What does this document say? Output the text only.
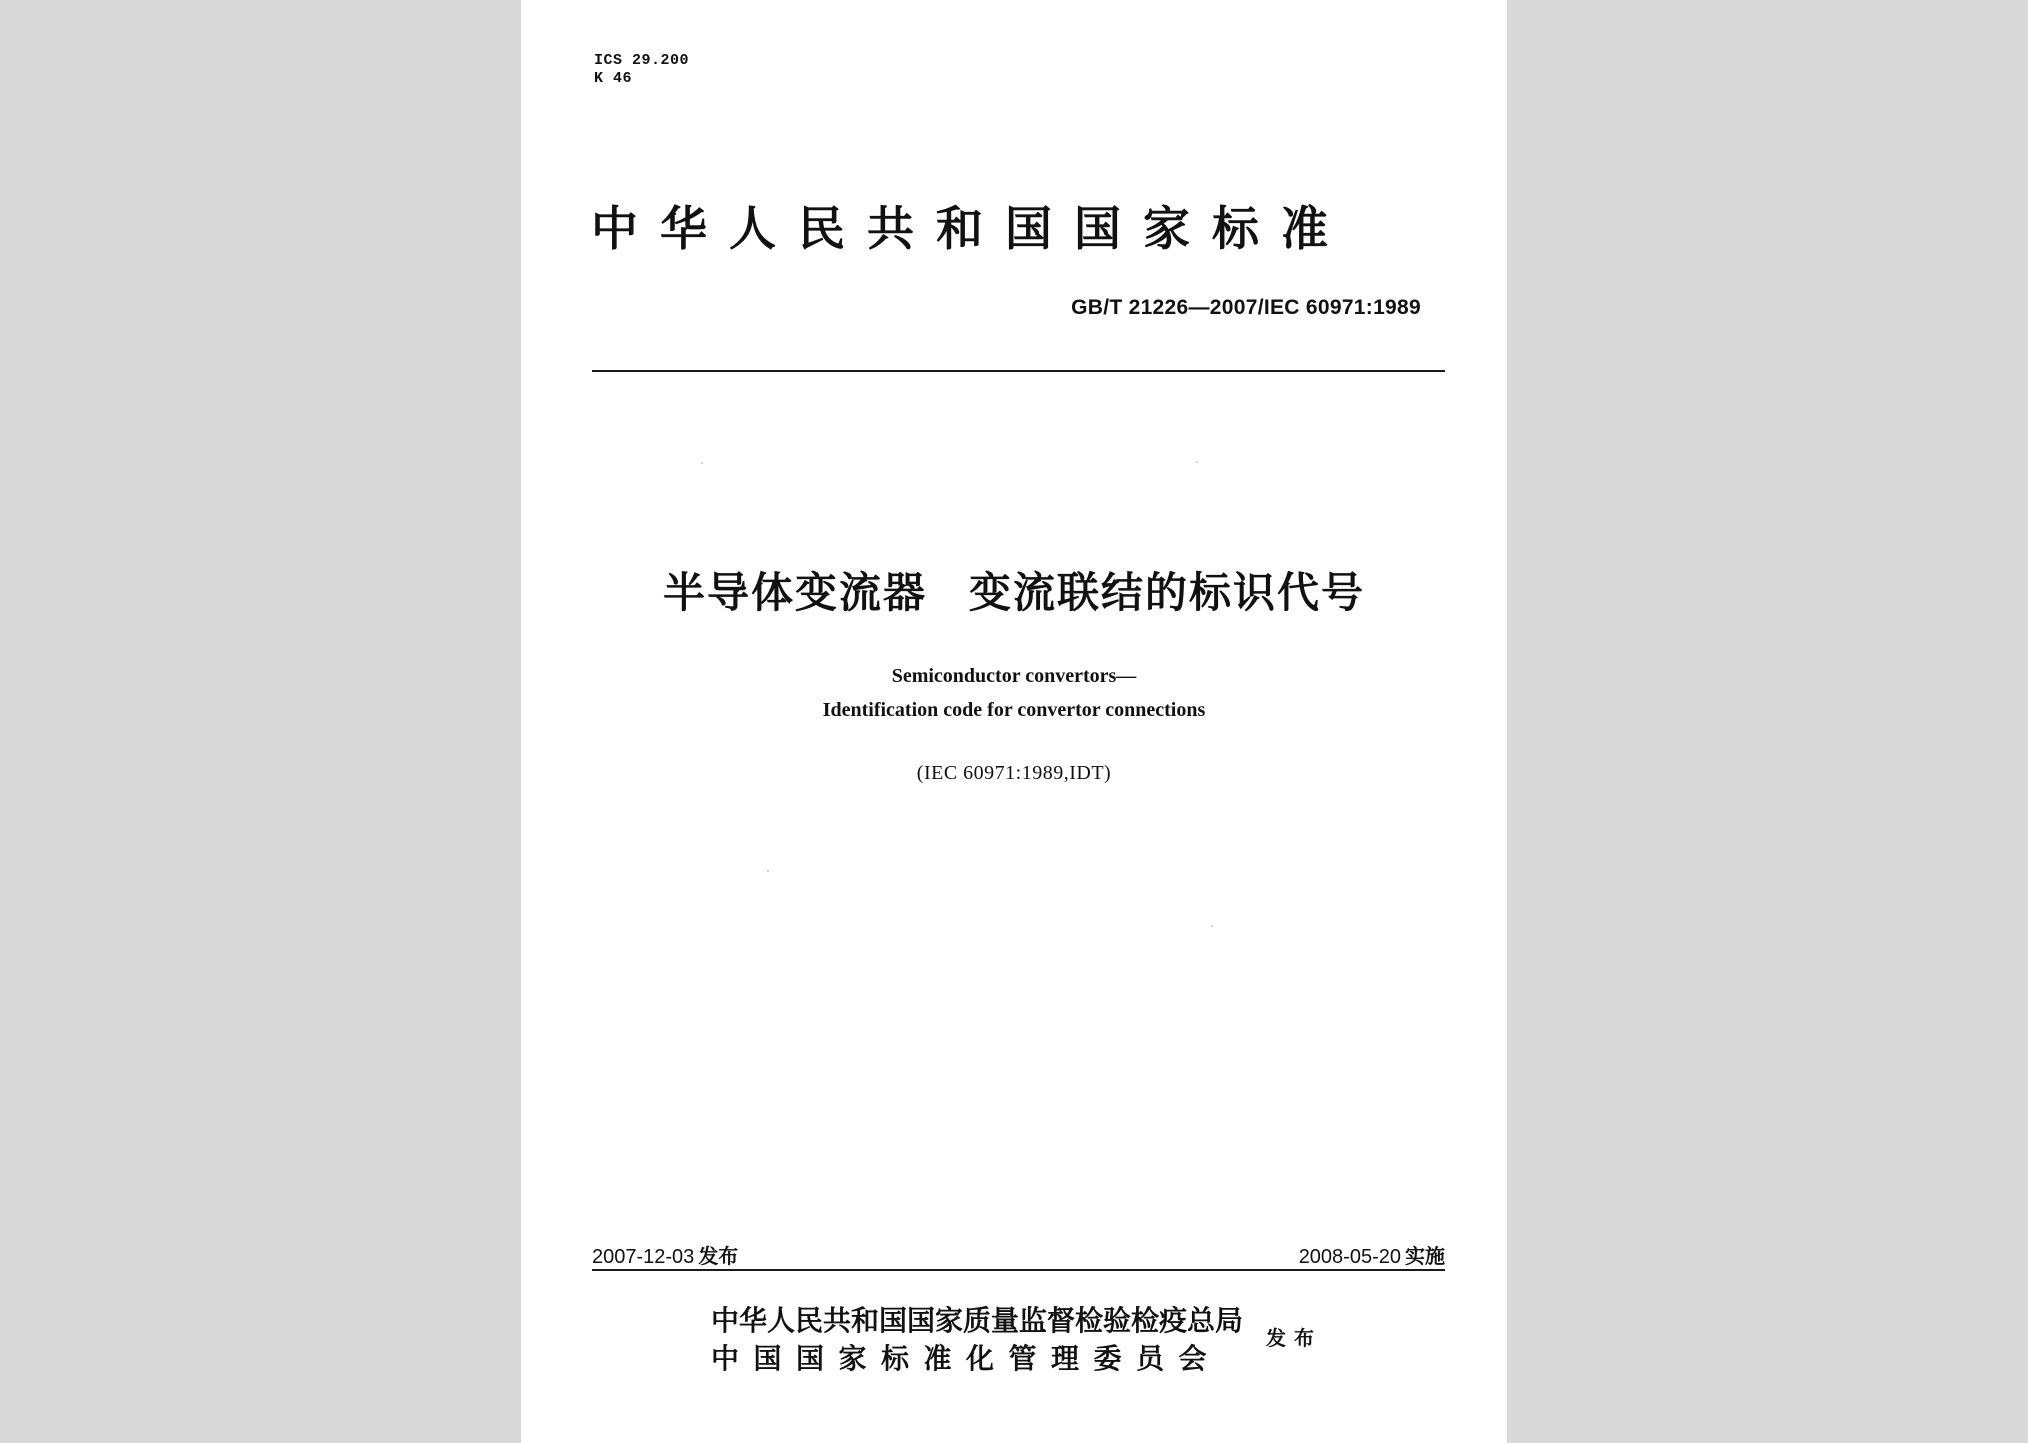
ICS 29.200
K 46
中华人民共和国国家标准
GB/T 21226—2007/IEC 60971:1989
半导体变流器 变流联结的标识代号
Semiconductor convertors—
Identification code for convertor connections
(IEC 60971:1989,IDT)
2007-12-03 发布	2008-05-20 实施
中华人民共和国国家质量监督检验检疫总局
中国国家标准化管理委员会
发布
